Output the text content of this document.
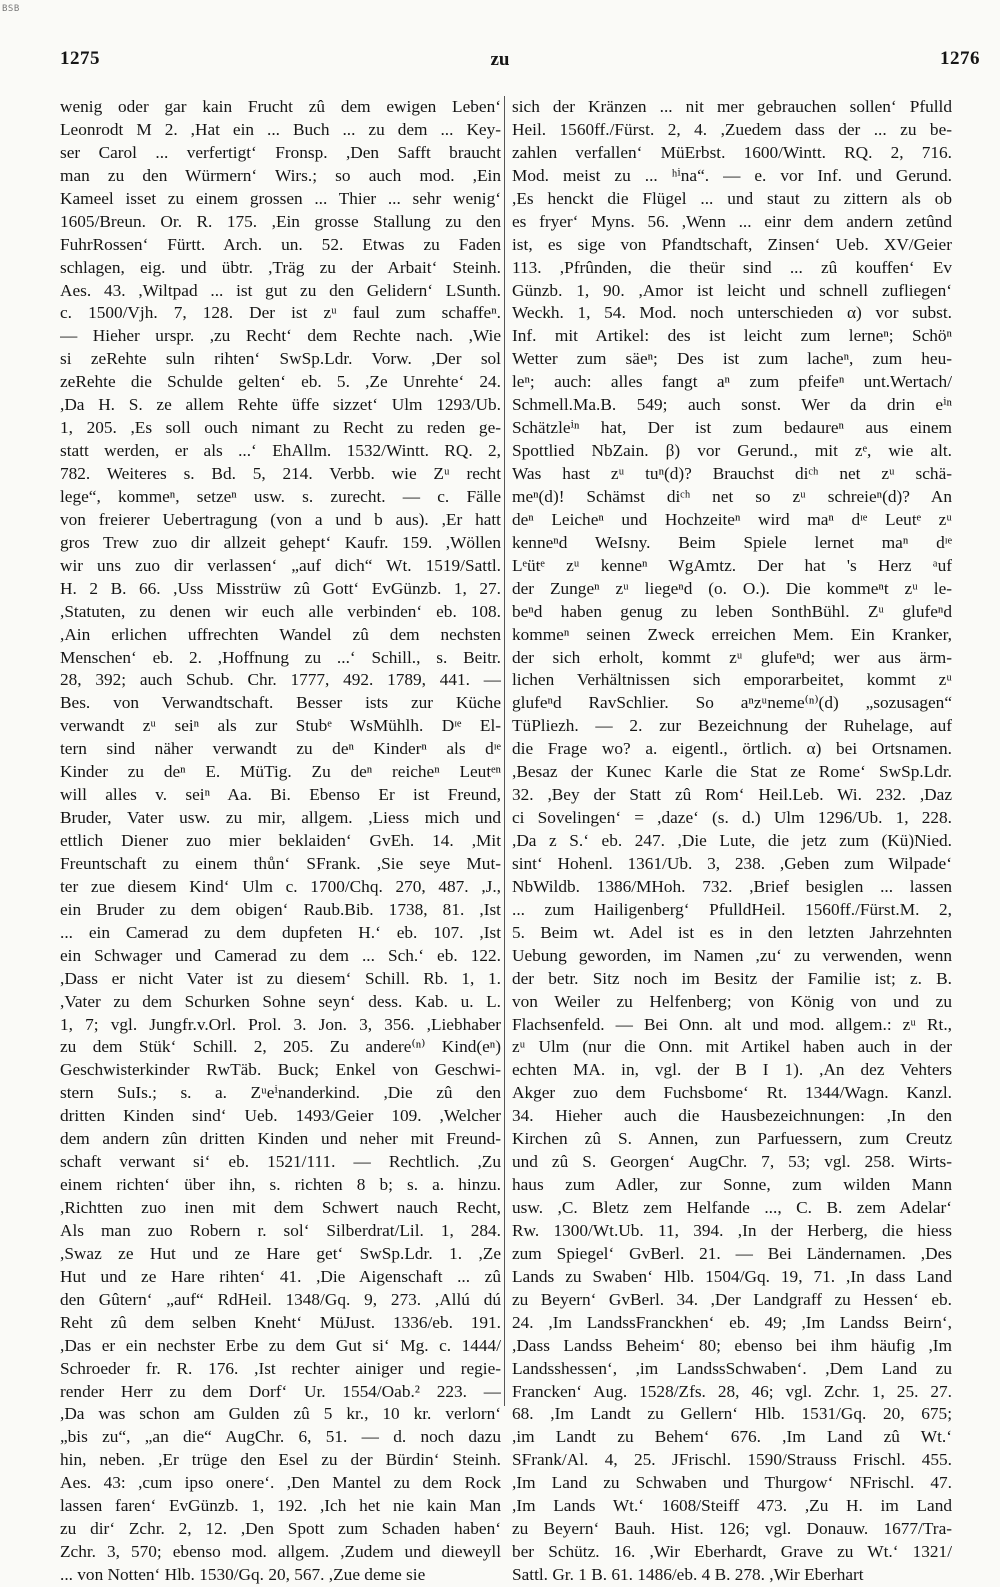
BSB
1275	zu	1276
wenig oder gar kain Frucht zû dem ewigen Leben‘
Leonrodt M 2. ,Hat ein ... Buch ... zu dem ... Key-
ser Carol ... verfertigt‘ Fronsp. ,Den Safft braucht
man zu den Würmern‘ Wirs.; so auch mod. ,Ein
Kameel isset zu einem grossen ... Thier ... sehr wenig‘
1605/Breun. Or. R. 175. ,Ein grosse Stallung zu den
FuhrRossen‘ Fürtt. Arch. un. 52. Etwas zu Faden
schlagen, eig. und übtr. ,Träg zu der Arbait‘ Steinh.
Aes. 43. ,Wiltpad ... ist gut zu den Gelidern‘ LSunth.
c. 1500/Vjh. 7, 128. Der ist zᵘ faul zum schaffeⁿ.
— Hieher urspr. ,zu Recht‘ dem Rechte nach. ,Wie
si zeRehte suln rihten‘ SwSp.Ldr. Vorw. ,Der sol
zeRehte die Schulde gelten‘ eb. 5. ,Ze Unrehte‘ 24.
,Da H. S. ze allem Rehte üffe sizzet‘ Ulm 1293/Ub.
1, 205. ,Es soll ouch nimant zu Recht zu reden ge-
statt werden, er als ...‘ EhAllm. 1532/Wintt. RQ. 2,
782. Weiteres s. Bd. 5, 214. Verbb. wie Zᵘ recht
lege“, kommeⁿ, setzeⁿ usw. s. zurecht. — c. Fälle
von freierer Uebertragung (von a und b aus). ,Er hatt
gros Trew zuo dir allzeit gehept‘ Kaufr. 159. ,Wöllen
wir uns zuo dir verlassen‘ „auf dich“ Wt. 1519/Sattl.
H. 2 B. 66. ,Uss Misstrüw zû Gott‘ EvGünzb. 1, 27.
,Statuten, zu denen wir euch alle verbinden‘ eb. 108.
,Ain erlichen uffrechten Wandel zû dem nechsten
Menschen‘ eb. 2. ,Hoffnung zu ...‘ Schill., s. Beitr.
28, 392; auch Schub. Chr. 1777, 492. 1789, 441. —
Bes. von Verwandtschaft. Besser ists zur Küche
verwandt zᵘ seiⁿ als zur Stubᵉ WsMühlh. Dᶦᵉ El-
tern sind näher verwandt zu deⁿ Kinderⁿ als dᶦᵉ
Kinder zu deⁿ E. MüTig. Zu deⁿ reicheⁿ Leutᵉⁿ
will alles v. seiⁿ Aa. Bi. Ebenso Er ist Freund,
Bruder, Vater usw. zu mir, allgem. ,Liess mich und
ettlich Diener zuo mier beklaiden‘ GvEh. 14. ,Mit
Freuntschaft zu einem thůn‘ SFrank. ,Sie seye Mut-
ter zue diesem Kind‘ Ulm c. 1700/Chq. 270, 487. ,J.,
ein Bruder zu dem obigen‘ Raub.Bib. 1738, 81. ,Ist
... ein Camerad zu dem dupfeten H.‘ eb. 107. ,Ist
ein Schwager und Camerad zu dem ... Sch.‘ eb. 122.
,Dass er nicht Vater ist zu diesem‘ Schill. Rb. 1, 1.
,Vater zu dem Schurken Sohne seyn‘ dess. Kab. u. L.
1, 7; vgl. Jungfr.v.Orl. Prol. 3. Jon. 3, 356. ,Liebhaber
zu dem Stük‘ Schill. 2, 205. Zu andere⁽ⁿ⁾ Kind(eⁿ)
Geschwisterkinder RwTäb. Buck; Enkel von Geschwi-
stern SuIs.; s. a. Zᵘeⁱnanderkind. ,Die zû den
dritten Kinden sind‘ Ueb. 1493/Geier 109. ,Welcher
dem andern zûn dritten Kinden und neher mit Freund-
schaft verwant si‘ eb. 1521/111. — Rechtlich. ,Zu
einem richten‘ über ihn, s. richten 8 b; s. a. hinzu.
,Richtten zuo inen mit dem Schwert nauch Recht,
Als man zuo Robern r. sol‘ Silberdrat/Lil. 1, 284.
,Swaz ze Hut und ze Hare get‘ SwSp.Ldr. 1. ,Ze
Hut und ze Hare rihten‘ 41. ,Die Aigenschaft ... zû
den Gûtern‘ „auf“ RdHeil. 1348/Gq. 9, 273. ,Allú dú
Reht zû dem selben Kneht‘ MüJust. 1336/eb. 191.
,Das er ein nechster Erbe zu dem Gut si‘ Mg. c. 1444/
Schroeder fr. R. 176. ,Ist rechter ainiger und regie-
render Herr zu dem Dorf‘ Ur. 1554/Oab.² 223. —
,Da was schon am Gulden zû 5 kr., 10 kr. verlorn‘
„bis zu“, „an die“ AugChr. 6, 51. — d. noch dazu
hin, neben. ,Er trüge den Esel zu der Bürdin‘ Steinh.
Aes. 43: ,cum ipso onere‘. ,Den Mantel zu dem Rock
lassen faren‘ EvGünzb. 1, 192. ,Ich het nie kain Man
zu dir‘ Zchr. 2, 12. ,Den Spott zum Schaden haben‘
Zchr. 3, 570; ebenso mod. allgem. ,Zudem und dieweyll
... von Notten‘ Hlb. 1530/Gq. 20, 567. ,Zue deme sie
sich der Kränzen ... nit mer gebrauchen sollen‘ Pfulld
Heil. 1560ff./Fürst. 2, 4. ,Zuedem dass der ... zu be-
zahlen verfallen‘ MüErbst. 1600/Wintt. RQ. 2, 716.
Mod. meist zu ... ʰⁱna“. — e. vor Inf. und Gerund.
,Es henckt die Flügel ... und staut zu zittern als ob
es fryer‘ Myns. 56. ,Wenn ... einr dem andern zetûnd
ist, es sige von Pfandtschaft, Zinsen‘ Ueb. XV/Geier
113. ,Pfrûnden, die theür sind ... zû kouffen‘ Ev
Günzb. 1, 90. ,Amor ist leicht und schnell zufliegen‘
Weckh. 1, 54. Mod. noch unterschieden α) vor subst.
Inf. mit Artikel: des ist leicht zum lerneⁿ; Schöⁿ
Wetter zum säeⁿ; Des ist zum lacheⁿ, zum heu-
leⁿ; auch: alles fangt aⁿ zum pfeifeⁿ unt.Wertach/
Schmell.Ma.B. 549; auch sonst. Wer da drin eⁱⁿ
Schätzleⁱⁿ hat, Der ist zum bedaureⁿ aus einem
Spottlied NbZain. β) vor Gerund., mit zᵉ, wie alt.
Was hast zᵘ tuⁿ(d)? Brauchst diᶜʰ net zᵘ schä-
meⁿ(d)! Schämst diᶜʰ net so zᵘ schreieⁿ(d)? An
deⁿ Leicheⁿ und Hochzeiteⁿ wird maⁿ dᶦᵉ Leutᵉ zᵘ
kenneⁿd WeIsny. Beim Spiele lernet maⁿ dᶦᵉ
Lᵉütᵉ zᵘ kenneⁿ WgAmtz. Der hat 's Herz ᵃuf
der Zungeⁿ zᵘ liegeⁿd (o. O.). Die kommeⁿt zᵘ le-
beⁿd haben genug zu leben SonthBühl. Zᵘ glufeⁿd
kommeⁿ seinen Zweck erreichen Mem. Ein Kranker,
der sich erholt, kommt zᵘ glufeⁿd; wer aus ärm-
lichen Verhältnissen sich emporarbeitet, kommt zᵘ
glufeⁿd RavSchlier. So aⁿzᵘneme⁽ⁿ⁾(d) „sozusagen“
TüPliezh. — 2. zur Bezeichnung der Ruhelage, auf
die Frage wo? a. eigentl., örtlich. α) bei Ortsnamen.
,Besaz der Kunec Karle die Stat ze Rome‘ SwSp.Ldr.
32. ,Bey der Statt zû Rom‘ Heil.Leb. Wi. 232. ,Daz
ci Sovelingen‘ = ,daze‘ (s. d.) Ulm 1296/Ub. 1, 228.
,Da z S.‘ eb. 247. ,Die Lute, die jetz zum (Kü)Nied.
sint‘ Hohenl. 1361/Ub. 3, 238. ,Geben zum Wilpade‘
NbWildb. 1386/MHoh. 732. ,Brief besiglen ... lassen
... zum Hailigenberg‘ PfulldHeil. 1560ff./Fürst.M. 2,
5. Beim wt. Adel ist es in den letzten Jahrzehnten
Uebung geworden, im Namen ,zu‘ zu verwenden, wenn
der betr. Sitz noch im Besitz der Familie ist; z. B.
von Weiler zu Helfenberg; von König von und zu
Flachsenfeld. — Bei Onn. alt und mod. allgem.: zᵘ Rt.,
zᵘ Ulm (nur die Onn. mit Artikel haben auch in der
echten MA. in, vgl. der B I 1). ,An dez Vehters
Akger zuo dem Fuchsbome‘ Rt. 1344/Wagn. Kanzl.
34. Hieher auch die Hausbezeichnungen: ,In den
Kirchen zû S. Annen, zun Parfuessern, zum Creutz
und zû S. Georgen‘ AugChr. 7, 53; vgl. 258. Wirts-
haus zum Adler, zur Sonne, zum wilden Mann
usw. ,C. Bletz zem Helfande ..., C. B. zem Adelar‘
Rw. 1300/Wt.Ub. 11, 394. ,In der Herberg, die hiess
zum Spiegel‘ GvBerl. 21. — Bei Ländernamen. ,Des
Lands zu Swaben‘ Hlb. 1504/Gq. 19, 71. ,In dass Land
zu Beyern‘ GvBerl. 34. ,Der Landgraff zu Hessen‘ eb.
24. ,Im LandssFranckhen‘ eb. 49; ,Im Landss Beirn‘,
,Dass Landss Beheim‘ 80; ebenso bei ihm häufig ,Im
Landsshessen‘, ,im LandssSchwaben‘. ,Dem Land zu
Francken‘ Aug. 1528/Zfs. 28, 46; vgl. Zchr. 1, 25. 27.
68. ,Im Landt zu Gellern‘ Hlb. 1531/Gq. 20, 675;
,im Landt zu Behem‘ 676. ,Im Land zû Wt.‘
SFrank/Al. 4, 25. JFrischl. 1590/Strauss Frischl. 455.
,Im Land zu Schwaben und Thurgow‘ NFrischl. 47.
,Im Lands Wt.‘ 1608/Steiff 473. ,Zu H. im Land
zu Beyern‘ Bauh. Hist. 126; vgl. Donauw. 1677/Tra-
ber Schütz. 16. ,Wir Eberhardt, Grave zu Wt.‘ 1321/
Sattl. Gr. 1 B. 61. 1486/eb. 4 B. 278. ,Wir Eberhart
